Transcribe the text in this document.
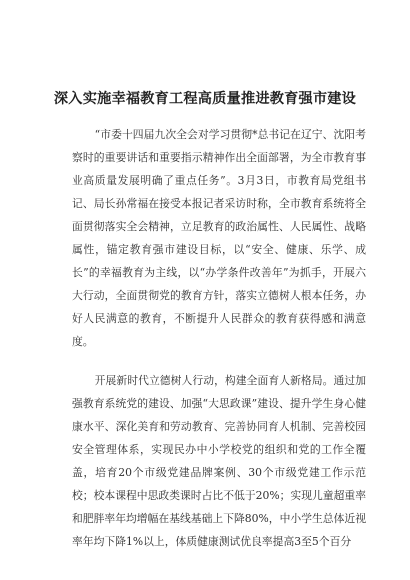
深入实施幸福教育工程高质量推进教育强市建设
“市委十四届九次全会对学习贯彻*总书记在辽宁、沈阳考察时的重要讲话和重要指示精神作出全面部署，为全市教育事业高质量发展明确了重点任务”。3月3日，市教育局党组书记、局长孙常福在接受本报记者采访时称，全市教育系统将全面贯彻落实全会精神，立足教育的政治属性、人民属性、战略属性，锚定教育强市建设目标，以“安全、健康、乐学、成长”的幸福教育为主线，以“办学条件改善年”为抓手，开展六大行动，全面贯彻党的教育方针，落实立德树人根本任务，办好人民满意的教育，不断提升人民群众的教育获得感和满意度。
开展新时代立德树人行动，构建全面育人新格局。通过加强教育系统党的建设、加强“大思政课”建设、提升学生身心健康水平、深化美育和劳动教育、完善协同育人机制、完善校园安全管理体系，实现民办中小学校党的组织和党的工作全覆盖，培育20个市级党建品牌案例、30个市级党建工作示范校；校本课程中思政类课时占比不低于20%；实现儿童超重率和肥胖率年均增幅在基线基础上下降80%，中小学生总体近视率年均下降1%以上，体质健康测试优良率提高3至5个百分
